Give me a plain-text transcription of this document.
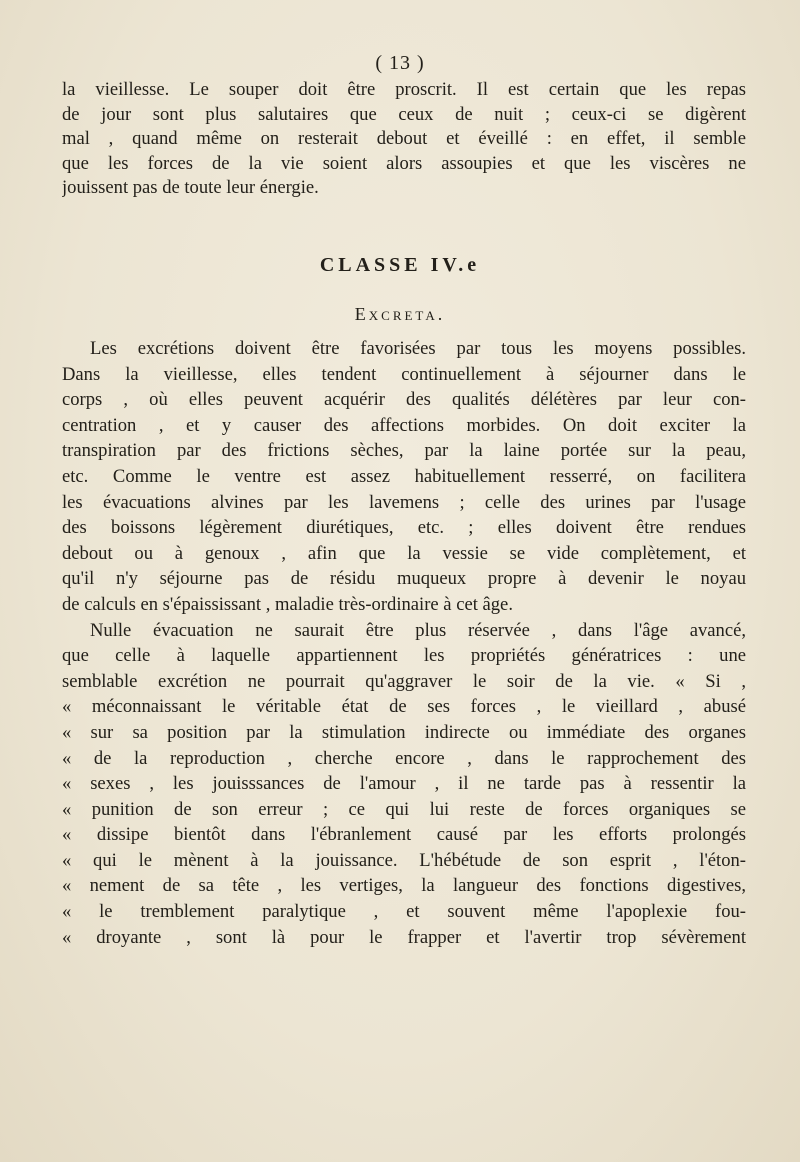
( 13 )
la vieillesse. Le souper doit être proscrit. Il est certain que les repas
de jour sont plus salutaires que ceux de nuit ; ceux-ci se digèrent
mal , quand même on resterait debout et éveillé : en effet, il semble
que les forces de la vie soient alors assoupies et que les viscères ne
jouissent pas de toute leur énergie.
CLASSE IV.e
Excreta.
Les excrétions doivent être favorisées par tous les moyens possibles.
Dans la vieillesse, elles tendent continuellement à séjourner dans le
corps , où elles peuvent acquérir des qualités délétères par leur con-
centration , et y causer des affections morbides. On doit exciter la
transpiration par des frictions sèches, par la laine portée sur la peau,
etc. Comme le ventre est assez habituellement resserré, on facilitera
les évacuations alvines par les lavemens ; celle des urines par l'usage
des boissons légèrement diurétiques, etc. ; elles doivent être rendues
debout ou à genoux , afin que la vessie se vide complètement, et
qu'il n'y séjourne pas de résidu muqueux propre à devenir le noyau
de calculs en s'épaississant , maladie très-ordinaire à cet âge.
Nulle évacuation ne saurait être plus réservée , dans l'âge avancé,
que celle à laquelle appartiennent les propriétés génératrices : une
semblable excrétion ne pourrait qu'aggraver le soir de la vie. « Si ,
« méconnaissant le véritable état de ses forces , le vieillard , abusé
« sur sa position par la stimulation indirecte ou immédiate des organes
« de la reproduction , cherche encore , dans le rapprochement des
« sexes , les jouisssances de l'amour , il ne tarde pas à ressentir la
« punition de son erreur ; ce qui lui reste de forces organiques se
« dissipe bientôt dans l'ébranlement causé par les efforts prolongés
« qui le mènent à la jouissance. L'hébétude de son esprit , l'éton-
« nement de sa tête , les vertiges, la langueur des fonctions digestives,
« le tremblement paralytique , et souvent même l'apoplexie fou-
« droyante , sont là pour le frapper et l'avertir trop sévèrement
